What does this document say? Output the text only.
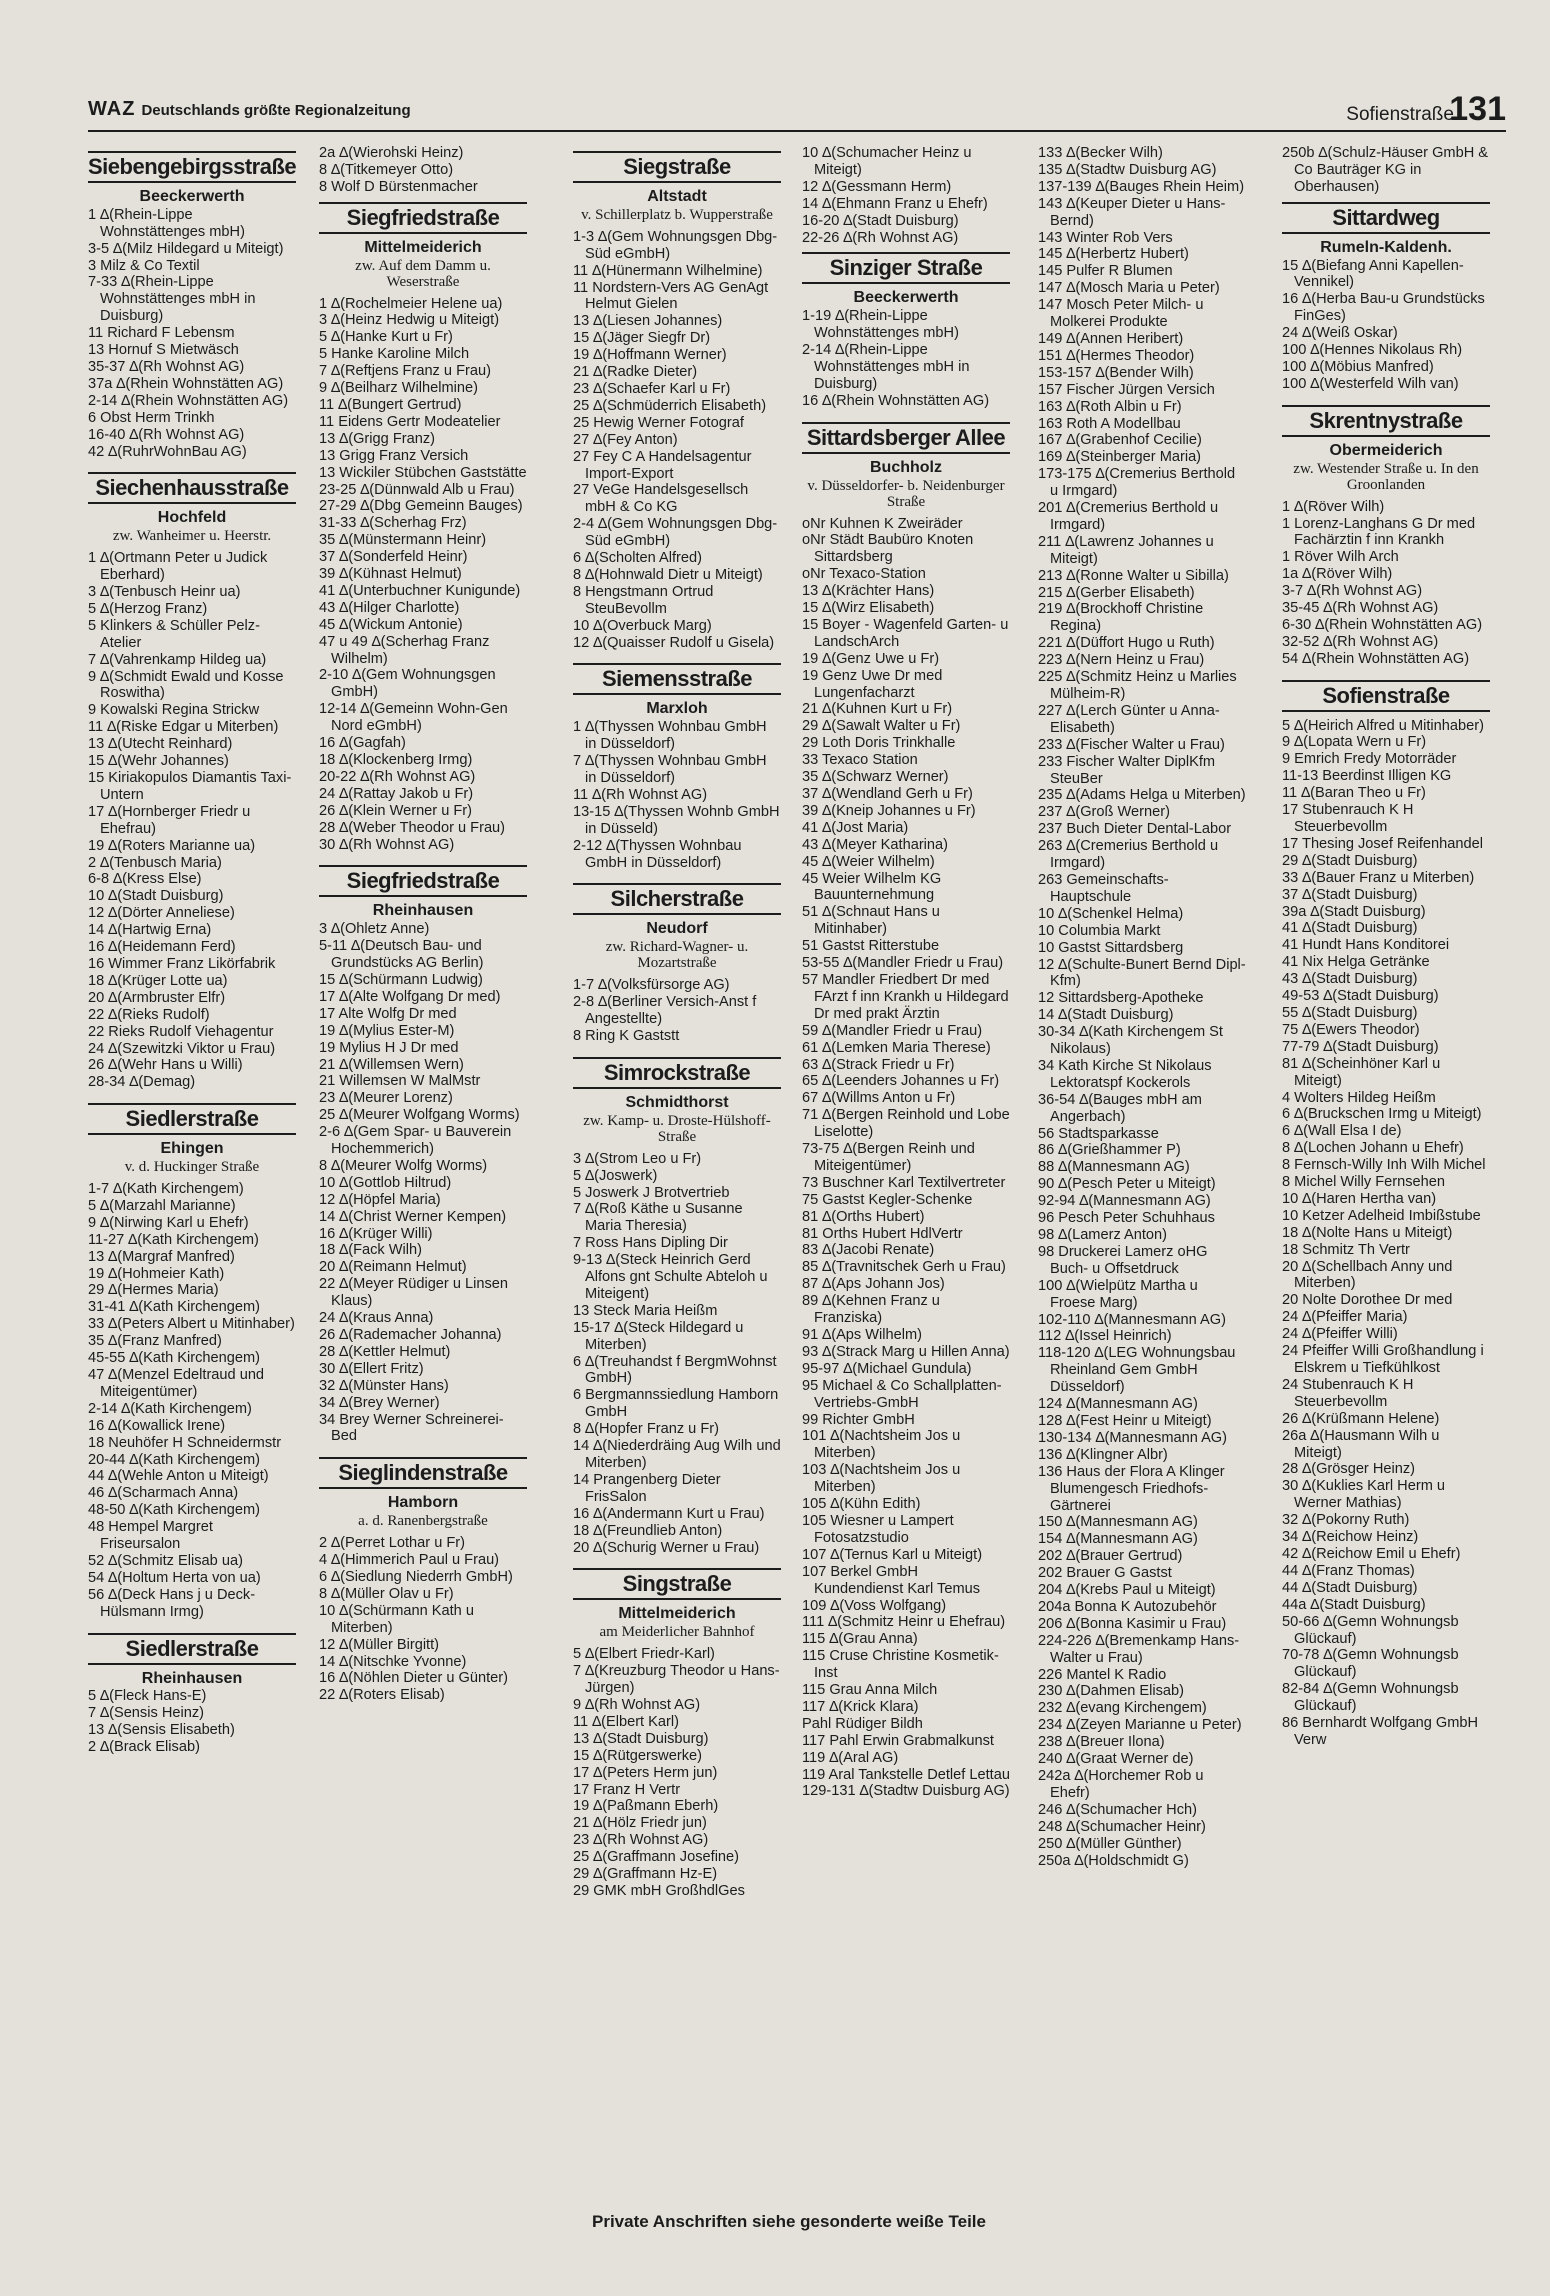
WAZ Deutschlands größte Regionalzeitung	Sofienstraße
131
Siebengebirgsstraße
Beeckerwerth
1 ∆(Rhein-Lippe Wohnstättenges mbH)
3-5 ∆(Milz Hildegard u Miteigt)
3 Milz & Co Textil
7-33 ∆(Rhein-Lippe Wohnstättenges mbH in Duisburg)
11 Richard F Lebensm
13 Hornuf S Mietwäsch
35-37 ∆(Rh Wohnst AG)
37a ∆(Rhein Wohnstätten AG)
2-14 ∆(Rhein Wohnstätten AG)
6 Obst Herm Trinkh
16-40 ∆(Rh Wohnst AG)
42 ∆(RuhrWohnBau AG)
Siechenhausstraße
Hochfeld
zw. Wanheimer u. Heerstr.
1 ∆(Ortmann Peter u Judick Eberhard)
3 ∆(Tenbusch Heinr ua)
5 ∆(Herzog Franz)
5 Klinkers & Schüller Pelz-Atelier
7 ∆(Vahrenkamp Hildeg ua)
9 ∆(Schmidt Ewald und Kosse Roswitha)
9 Kowalski Regina Strickw
11 ∆(Riske Edgar u Miterben)
13 ∆(Utecht Reinhard)
15 ∆(Wehr Johannes)
15 Kiriakopulos Diamantis Taxi-Untern
17 ∆(Hornberger Friedr u Ehefrau)
19 ∆(Roters Marianne ua)
2 ∆(Tenbusch Maria)
6-8 ∆(Kress Else)
10 ∆(Stadt Duisburg)
12 ∆(Dörter Anneliese)
14 ∆(Hartwig Erna)
16 ∆(Heidemann Ferd)
16 Wimmer Franz Likörfabrik
18 ∆(Krüger Lotte ua)
20 ∆(Armbruster Elfr)
22 ∆(Rieks Rudolf)
22 Rieks Rudolf Viehagentur
24 ∆(Szewitzki Viktor u Frau)
26 ∆(Wehr Hans u Willi)
28-34 ∆(Demag)
Siedlerstraße
Ehingen
v. d. Huckinger Straße
1-7 ∆(Kath Kirchengem)
5 ∆(Marzahl Marianne)
9 ∆(Nirwing Karl u Ehefr)
11-27 ∆(Kath Kirchengem)
13 ∆(Margraf Manfred)
19 ∆(Hohmeier Kath)
29 ∆(Hermes Maria)
31-41 ∆(Kath Kirchengem)
33 ∆(Peters Albert u Mitinhaber)
35 ∆(Franz Manfred)
45-55 ∆(Kath Kirchengem)
47 ∆(Menzel Edeltraud und Miteigentümer)
2-14 ∆(Kath Kirchengem)
16 ∆(Kowallick Irene)
18 Neuhöfer H Schneidermstr
20-44 ∆(Kath Kirchengem)
44 ∆(Wehle Anton u Miteigt)
46 ∆(Scharmach Anna)
48-50 ∆(Kath Kirchengem)
48 Hempel Margret Friseursalon
52 ∆(Schmitz Elisab ua)
54 ∆(Holtum Herta von ua)
56 ∆(Deck Hans j u Deck-Hülsmann Irmg)
Siedlerstraße
Rheinhausen
5 ∆(Fleck Hans-E)
7 ∆(Sensis Heinz)
13 ∆(Sensis Elisabeth)
2 ∆(Brack Elisab)
2a ∆(Wierohski Heinz)
8 ∆(Titkemeyer Otto)
8 Wolf D Bürstenmacher
Siegfriedstraße
Mittelmeiderich
zw. Auf dem Damm u. Weserstraße
1 ∆(Rochelmeier Helene ua)
3 ∆(Heinz Hedwig u Miteigt)
5 ∆(Hanke Kurt u Fr)
5 Hanke Karoline Milch
7 ∆(Reftjens Franz u Frau)
9 ∆(Beilharz Wilhelmine)
11 ∆(Bungert Gertrud)
11 Eidens Gertr Modeatelier
13 ∆(Grigg Franz)
13 Grigg Franz Versich
13 Wickiler Stübchen Gaststätte
23-25 ∆(Dünnwald Alb u Frau)
27-29 ∆(Dbg Gemeinn Bauges)
31-33 ∆(Scherhag Frz)
35 ∆(Münstermann Heinr)
37 ∆(Sonderfeld Heinr)
39 ∆(Kühnast Helmut)
41 ∆(Unterbuchner Kunigunde)
43 ∆(Hilger Charlotte)
45 ∆(Wickum Antonie)
47 u 49 ∆(Scherhag Franz Wilhelm)
2-10 ∆(Gem Wohnungsgen GmbH)
12-14 ∆(Gemeinn Wohn-Gen Nord eGmbH)
16 ∆(Gagfah)
18 ∆(Klockenberg Irmg)
20-22 ∆(Rh Wohnst AG)
24 ∆(Rattay Jakob u Fr)
26 ∆(Klein Werner u Fr)
28 ∆(Weber Theodor u Frau)
30 ∆(Rh Wohnst AG)
Siegfriedstraße
Rheinhausen
3 ∆(Ohletz Anne)
5-11 ∆(Deutsch Bau- und Grundstücks AG Berlin)
15 ∆(Schürmann Ludwig)
17 ∆(Alte Wolfgang Dr med)
17 Alte Wolfg Dr med
19 ∆(Mylius Ester-M)
19 Mylius H J Dr med
21 ∆(Willemsen Wern)
21 Willemsen W MalMstr
23 ∆(Meurer Lorenz)
25 ∆(Meurer Wolfgang Worms)
2-6 ∆(Gem Spar- u Bauverein Hochemmerich)
8 ∆(Meurer Wolfg Worms)
10 ∆(Gottlob Hiltrud)
12 ∆(Höpfel Maria)
14 ∆(Christ Werner Kempen)
16 ∆(Krüger Willi)
18 ∆(Fack Wilh)
20 ∆(Reimann Helmut)
22 ∆(Meyer Rüdiger u Linsen Klaus)
24 ∆(Kraus Anna)
26 ∆(Rademacher Johanna)
28 ∆(Kettler Helmut)
30 ∆(Ellert Fritz)
32 ∆(Münster Hans)
34 ∆(Brey Werner)
34 Brey Werner Schreinerei-Bed
Sieglindenstraße
Hamborn
a. d. Ranenbergstraße
2 ∆(Perret Lothar u Fr)
4 ∆(Himmerich Paul u Frau)
6 ∆(Siedlung Niederrh GmbH)
8 ∆(Müller Olav u Fr)
10 ∆(Schürmann Kath u Miterben)
12 ∆(Müller Birgitt)
14 ∆(Nitschke Yvonne)
16 ∆(Nöhlen Dieter u Günter)
22 ∆(Roters Elisab)
Siegstraße
Altstadt
v. Schillerplatz b. Wupperstraße
1-3 ∆(Gem Wohnungsgen Dbg-Süd eGmbH)
11 ∆(Hünermann Wilhelmine)
11 Nordstern-Vers AG GenAgt Helmut Gielen
13 ∆(Liesen Johannes)
15 ∆(Jäger Siegfr Dr)
19 ∆(Hoffmann Werner)
21 ∆(Radke Dieter)
23 ∆(Schaefer Karl u Fr)
25 ∆(Schmüderrich Elisabeth)
25 Hewig Werner Fotograf
27 ∆(Fey Anton)
27 Fey C A Handelsagentur Import-Export
27 VeGe Handelsgesellsch mbH & Co KG
2-4 ∆(Gem Wohnungsgen Dbg-Süd eGmbH)
6 ∆(Scholten Alfred)
8 ∆(Hohnwald Dietr u Miteigt)
8 Hengstmann Ortrud SteuBevollm
10 ∆(Overbuck Marg)
12 ∆(Quaisser Rudolf u Gisela)
Siemensstraße
Marxloh
1 ∆(Thyssen Wohnbau GmbH in Düsseldorf)
7 ∆(Thyssen Wohnbau GmbH in Düsseldorf)
11 ∆(Rh Wohnst AG)
13-15 ∆(Thyssen Wohnb GmbH in Düsseld)
2-12 ∆(Thyssen Wohnbau GmbH in Düsseldorf)
Silcherstraße
Neudorf
zw. Richard-Wagner- u. Mozartstraße
1-7 ∆(Volksfürsorge AG)
2-8 ∆(Berliner Versich-Anst f Angestellte)
8 Ring K Gaststt
Simrockstraße
Schmidthorst
zw. Kamp- u. Droste-Hülshoff-Straße
3 ∆(Strom Leo u Fr)
5 ∆(Joswerk)
5 Joswerk J Brotvertrieb
7 ∆(Roß Käthe u Susanne Maria Theresia)
7 Ross Hans Dipling Dir
9-13 ∆(Steck Heinrich Gerd Alfons gnt Schulte Abteloh u Miteigent)
13 Steck Maria Heißm
15-17 ∆(Steck Hildegard u Miterben)
6 ∆(Treuhandst f BergmWohnst GmbH)
6 Bergmannssiedlung Hamborn GmbH
8 ∆(Hopfer Franz u Fr)
14 ∆(Niederdräing Aug Wilh und Miterben)
14 Prangenberg Dieter FrisSalon
16 ∆(Andermann Kurt u Frau)
18 ∆(Freundlieb Anton)
20 ∆(Schurig Werner u Frau)
Singstraße
Mittelmeiderich
am Meiderlicher Bahnhof
5 ∆(Elbert Friedr-Karl)
7 ∆(Kreuzburg Theodor u Hans-Jürgen)
9 ∆(Rh Wohnst AG)
11 ∆(Elbert Karl)
13 ∆(Stadt Duisburg)
15 ∆(Rütgerswerke)
17 ∆(Peters Herm jun)
17 Franz H Vertr
19 ∆(Paßmann Eberh)
21 ∆(Hölz Friedr jun)
23 ∆(Rh Wohnst AG)
25 ∆(Graffmann Josefine)
29 ∆(Graffmann Hz-E)
29 GMK mbH GroßhdlGes
10 ∆(Schumacher Heinz u Miteigt)
12 ∆(Gessmann Herm)
14 ∆(Ehmann Franz u Ehefr)
16-20 ∆(Stadt Duisburg)
22-26 ∆(Rh Wohnst AG)
Sinziger Straße
Beeckerwerth
1-19 ∆(Rhein-Lippe Wohnstättenges mbH)
2-14 ∆(Rhein-Lippe Wohnstättenges mbH in Duisburg)
16 ∆(Rhein Wohnstätten AG)
Sittardsberger Allee
Buchholz
v. Düsseldorfer- b. Neidenburger Straße
oNr Kuhnen K Zweiräder
oNr Städt Baubüro Knoten Sittardsberg
oNr Texaco-Station
13 ∆(Krächter Hans)
15 ∆(Wirz Elisabeth)
15 Boyer - Wagenfeld Garten- u LandschArch
19 ∆(Genz Uwe u Fr)
19 Genz Uwe Dr med Lungenfacharzt
21 ∆(Kuhnen Kurt u Fr)
29 ∆(Sawalt Walter u Fr)
29 Loth Doris Trinkhalle
33 Texaco Station
35 ∆(Schwarz Werner)
37 ∆(Wendland Gerh u Fr)
39 ∆(Kneip Johannes u Fr)
41 ∆(Jost Maria)
43 ∆(Meyer Katharina)
45 ∆(Weier Wilhelm)
45 Weier Wilhelm KG Bauunternehmung
51 ∆(Schnaut Hans u Mitinhaber)
51 Gastst Ritterstube
53-55 ∆(Mandler Friedr u Frau)
57 Mandler Friedbert Dr med FArzt f inn Krankh u Hildegard Dr med prakt Ärztin
59 ∆(Mandler Friedr u Frau)
61 ∆(Lemken Maria Therese)
63 ∆(Strack Friedr u Fr)
65 ∆(Leenders Johannes u Fr)
67 ∆(Willms Anton u Fr)
71 ∆(Bergen Reinhold und Lobe Liselotte)
73-75 ∆(Bergen Reinh und Miteigentümer)
73 Buschner Karl Textilvertreter
75 Gastst Kegler-Schenke
81 ∆(Orths Hubert)
81 Orths Hubert HdlVertr
83 ∆(Jacobi Renate)
85 ∆(Travnitschek Gerh u Frau)
87 ∆(Aps Johann Jos)
89 ∆(Kehnen Franz u Franziska)
91 ∆(Aps Wilhelm)
93 ∆(Strack Marg u Hillen Anna)
95-97 ∆(Michael Gundula)
95 Michael & Co Schallplatten-Vertriebs-GmbH
99 Richter GmbH
101 ∆(Nachtsheim Jos u Miterben)
103 ∆(Nachtsheim Jos u Miterben)
105 ∆(Kühn Edith)
105 Wiesner u Lampert Fotosatzstudio
107 ∆(Ternus Karl u Miteigt)
107 Berkel GmbH Kundendienst Karl Temus
109 ∆(Voss Wolfgang)
111 ∆(Schmitz Heinr u Ehefrau)
115 ∆(Grau Anna)
115 Cruse Christine Kosmetik-Inst
115 Grau Anna Milch
117 ∆(Krick Klara)
Pahl Rüdiger Bildh
117 Pahl Erwin Grabmalkunst
119 ∆(Aral AG)
119 Aral Tankstelle Detlef Lettau
129-131 ∆(Stadtw Duisburg AG)
133 ∆(Becker Wilh)
135 ∆(Stadtw Duisburg AG)
137-139 ∆(Bauges Rhein Heim)
143 ∆(Keuper Dieter u Hans-Bernd)
143 Winter Rob Vers
145 ∆(Herbertz Hubert)
145 Pulfer R Blumen
147 ∆(Mosch Maria u Peter)
147 Mosch Peter Milch- u Molkerei Produkte
149 ∆(Annen Heribert)
151 ∆(Hermes Theodor)
153-157 ∆(Bender Wilh)
157 Fischer Jürgen Versich
163 ∆(Roth Albin u Fr)
163 Roth A Modellbau
167 ∆(Grabenhof Cecilie)
169 ∆(Steinberger Maria)
173-175 ∆(Cremerius Berthold u Irmgard)
201 ∆(Cremerius Berthold u Irmgard)
211 ∆(Lawrenz Johannes u Miteigt)
213 ∆(Ronne Walter u Sibilla)
215 ∆(Gerber Elisabeth)
219 ∆(Brockhoff Christine Regina)
221 ∆(Düffort Hugo u Ruth)
223 ∆(Nern Heinz u Frau)
225 ∆(Schmitz Heinz u Marlies Mülheim-R)
227 ∆(Lerch Günter u Anna-Elisabeth)
233 ∆(Fischer Walter u Frau)
233 Fischer Walter DiplKfm SteuBer
235 ∆(Adams Helga u Miterben)
237 ∆(Groß Werner)
237 Buch Dieter Dental-Labor
263 ∆(Cremerius Berthold u Irmgard)
263 Gemeinschafts-Hauptschule
10 ∆(Schenkel Helma)
10 Columbia Markt
10 Gastst Sittardsberg
12 ∆(Schulte-Bunert Bernd Dipl-Kfm)
12 Sittardsberg-Apotheke
14 ∆(Stadt Duisburg)
30-34 ∆(Kath Kirchengem St Nikolaus)
34 Kath Kirche St Nikolaus Lektoratspf Kockerols
36-54 ∆(Bauges mbH am Angerbach)
56 Stadtsparkasse
86 ∆(Grießhammer P)
88 ∆(Mannesmann AG)
90 ∆(Pesch Peter u Miteigt)
92-94 ∆(Mannesmann AG)
96 Pesch Peter Schuhhaus
98 ∆(Lamerz Anton)
98 Druckerei Lamerz oHG Buch- u Offsetdruck
100 ∆(Wielpütz Martha u Froese Marg)
102-110 ∆(Mannesmann AG)
112 ∆(Issel Heinrich)
118-120 ∆(LEG Wohnungsbau Rheinland Gem GmbH Düsseldorf)
124 ∆(Mannesmann AG)
128 ∆(Fest Heinr u Miteigt)
130-134 ∆(Mannesmann AG)
136 ∆(Klingner Albr)
136 Haus der Flora A Klinger Blumengesch Friedhofs-Gärtnerei
150 ∆(Mannesmann AG)
154 ∆(Mannesmann AG)
202 ∆(Brauer Gertrud)
202 Brauer G Gastst
204 ∆(Krebs Paul u Miteigt)
204a Bonna K Autozubehör
206 ∆(Bonna Kasimir u Frau)
224-226 ∆(Bremenkamp Hans-Walter u Frau)
226 Mantel K Radio
230 ∆(Dahmen Elisab)
232 ∆(evang Kirchengem)
234 ∆(Zeyen Marianne u Peter)
238 ∆(Breuer Ilona)
240 ∆(Graat Werner de)
242a ∆(Horchemer Rob u Ehefr)
246 ∆(Schumacher Hch)
248 ∆(Schumacher Heinr)
250 ∆(Müller Günther)
250a ∆(Holdschmidt G)
250b ∆(Schulz-Häuser GmbH & Co Bauträger KG in Oberhausen)
Sittardweg
Rumeln-Kaldenh.
15 ∆(Biefang Anni Kapellen-Vennikel)
16 ∆(Herba Bau-u Grundstücks FinGes)
24 ∆(Weiß Oskar)
100 ∆(Hennes Nikolaus Rh)
100 ∆(Möbius Manfred)
100 ∆(Westerfeld Wilh van)
Skrentnystraße
Obermeiderich
zw. Westender Straße u. In den Groonlanden
1 ∆(Röver Wilh)
1 Lorenz-Langhans G Dr med Fachärztin f inn Krankh
1 Röver Wilh Arch
1a ∆(Röver Wilh)
3-7 ∆(Rh Wohnst AG)
35-45 ∆(Rh Wohnst AG)
6-30 ∆(Rhein Wohnstätten AG)
32-52 ∆(Rh Wohnst AG)
54 ∆(Rhein Wohnstätten AG)
Sofienstraße
5 ∆(Heirich Alfred u Mitinhaber)
9 ∆(Lopata Wern u Fr)
9 Emrich Fredy Motorräder
11-13 Beerdinst Illigen KG
11 ∆(Baran Theo u Fr)
17 Stubenrauch K H Steuerbevollm
17 Thesing Josef Reifenhandel
29 ∆(Stadt Duisburg)
33 ∆(Bauer Franz u Miterben)
37 ∆(Stadt Duisburg)
39a ∆(Stadt Duisburg)
41 ∆(Stadt Duisburg)
41 Hundt Hans Konditorei
41 Nix Helga Getränke
43 ∆(Stadt Duisburg)
49-53 ∆(Stadt Duisburg)
55 ∆(Stadt Duisburg)
75 ∆(Ewers Theodor)
77-79 ∆(Stadt Duisburg)
81 ∆(Scheinhöner Karl u Miteigt)
4 Wolters Hildeg Heißm
6 ∆(Bruckschen Irmg u Miteigt)
6 ∆(Wall Elsa I de)
8 ∆(Lochen Johann u Ehefr)
8 Fernsch-Willy Inh Wilh Michel
8 Michel Willy Fernsehen
10 ∆(Haren Hertha van)
10 Ketzer Adelheid Imbißstube
18 ∆(Nolte Hans u Miteigt)
18 Schmitz Th Vertr
20 ∆(Schellbach Anny und Miterben)
20 Nolte Dorothee Dr med
24 ∆(Pfeiffer Maria)
24 ∆(Pfeiffer Willi)
24 Pfeiffer Willi Großhandlung i Elskrem u Tiefkühlkost
24 Stubenrauch K H Steuerbevollm
26 ∆(Krüßmann Helene)
26a ∆(Hausmann Wilh u Miteigt)
28 ∆(Grösger Heinz)
30 ∆(Kuklies Karl Herm u Werner Mathias)
32 ∆(Pokorny Ruth)
34 ∆(Reichow Heinz)
42 ∆(Reichow Emil u Ehefr)
44 ∆(Franz Thomas)
44 ∆(Stadt Duisburg)
44a ∆(Stadt Duisburg)
50-66 ∆(Gemn Wohnungsb Glückauf)
70-78 ∆(Gemn Wohnungsb Glückauf)
82-84 ∆(Gemn Wohnungsb Glückauf)
86 Bernhardt Wolfgang GmbH Verw
Private Anschriften siehe gesonderte weiße Teile
